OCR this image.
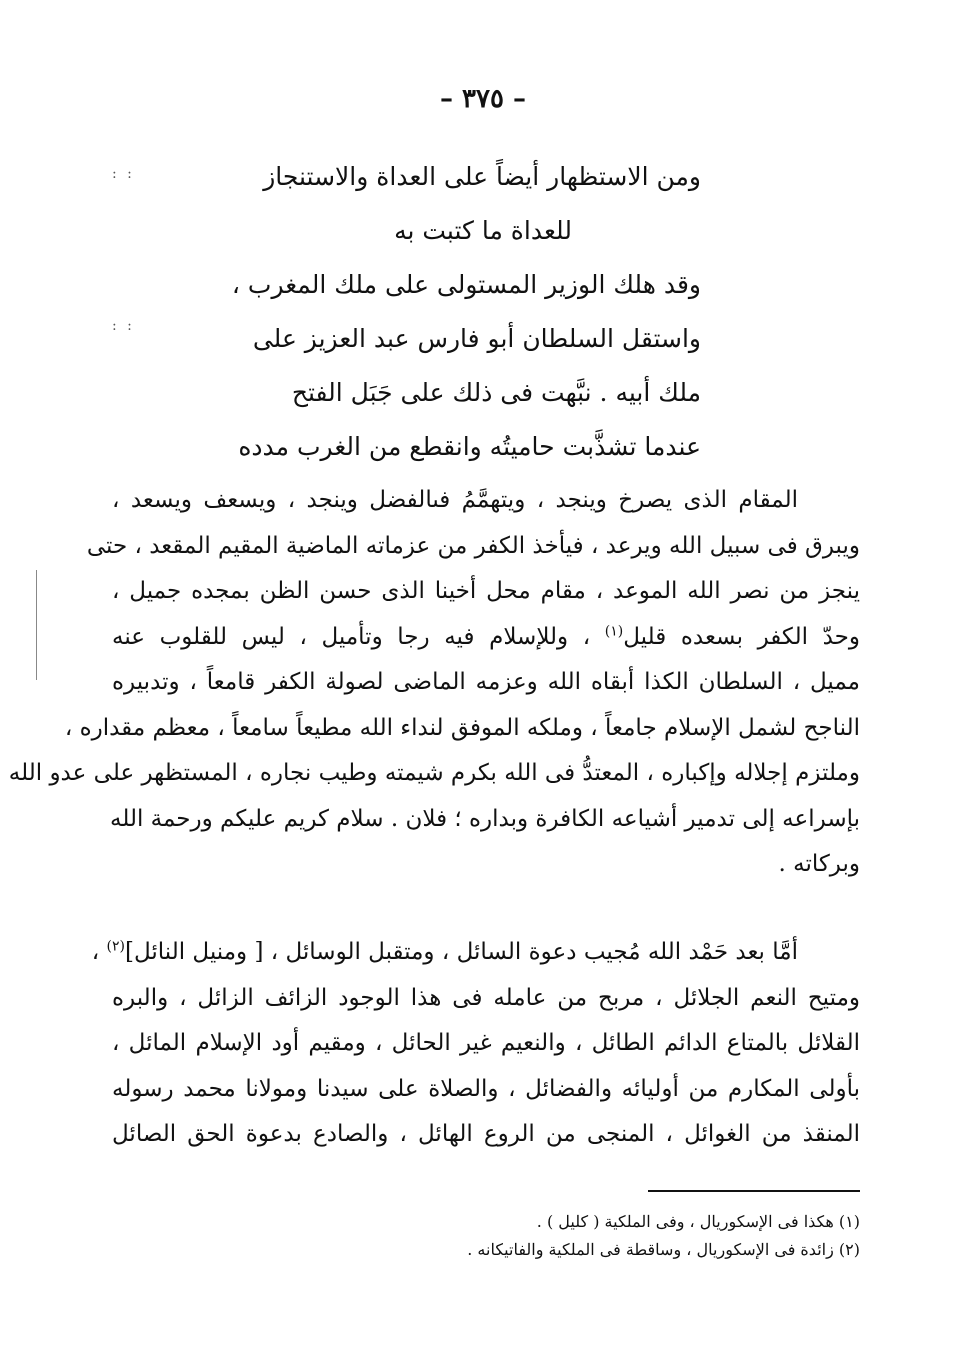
– ٣٧٥ –
: :
: :
ومن الاستظهار أيضاً على العداة والاستنجاز
للعداة ما كتبت به
وقد هلك الوزير المستولى على ملك المغرب ،
واستقل السلطان أبو فارس عبد العزيز على
ملك أبيه . نبَّهت فى ذلك على جَبَل الفتح
عندما تشذَّبت حاميتُه وانقطع من الغرب مدده
المقام الذى يصرخ وينجد ، ويتهمَّمُ فىالفضل وينجد ، ويسعف ويسعد ،
ويبرق فى سبيل الله ويرعد ، فيأخذ الكفر من عزماته الماضية المقيم المقعد ، حتى
ينجز من نصر الله الموعد ، مقام محل أخينا الذى حسن الظن بمجده جميل ،
وحدّ الكفر بسعده قليل$^{(١)}$ ، وللإسلام فيه رجا وتأميل ، ليس للقلوب عنه
مميل ، السلطان الكذا أبقاه الله وعزمه الماضى لصولة الكفر قامعاً ، وتدبيره
الناجح لشمل الإسلام جامعاً ، وملكه الموفق لنداء الله مطيعاً سامعاً ، معظم مقداره ،
وملتزم إجلاله وإكباره ، المعتدُّ فى الله بكرم شيمته وطيب نجاره ، المستظهر على عدو الله
بإسراعه إلى تدمير أشياعه الكافرة وبداره ؛ فلان . سلام كريم عليكم ورحمة الله
وبركاته .
أمَّا بعد حَمْد الله مُجيب دعوة السائل ، ومتقبل الوسائل ، [ ومنيل النائل]$^{(٢)}$ ،
ومتيح النعم الجلائل ، مربح من عامله فى هذا الوجود الزائف الزائل ، والبره
القلائل بالمتاع الدائم الطائل ، والنعيم غير الحائل ، ومقيم أود الإسلام المائل ،
بأولى المكارم من أوليائه والفضائل ، والصلاة على سيدنا ومولانا محمد رسوله
المنقذ من الغوائل ، المنجى من الروع الهائل ، والصادع بدعوة الحق الصائل
(١) هكذا فى الإسكوريال ، وفى الملكية ( كليل ) .
(٢) زائدة فى الإسكوريال ، وساقطة فى الملكية والفاتيكانه .
